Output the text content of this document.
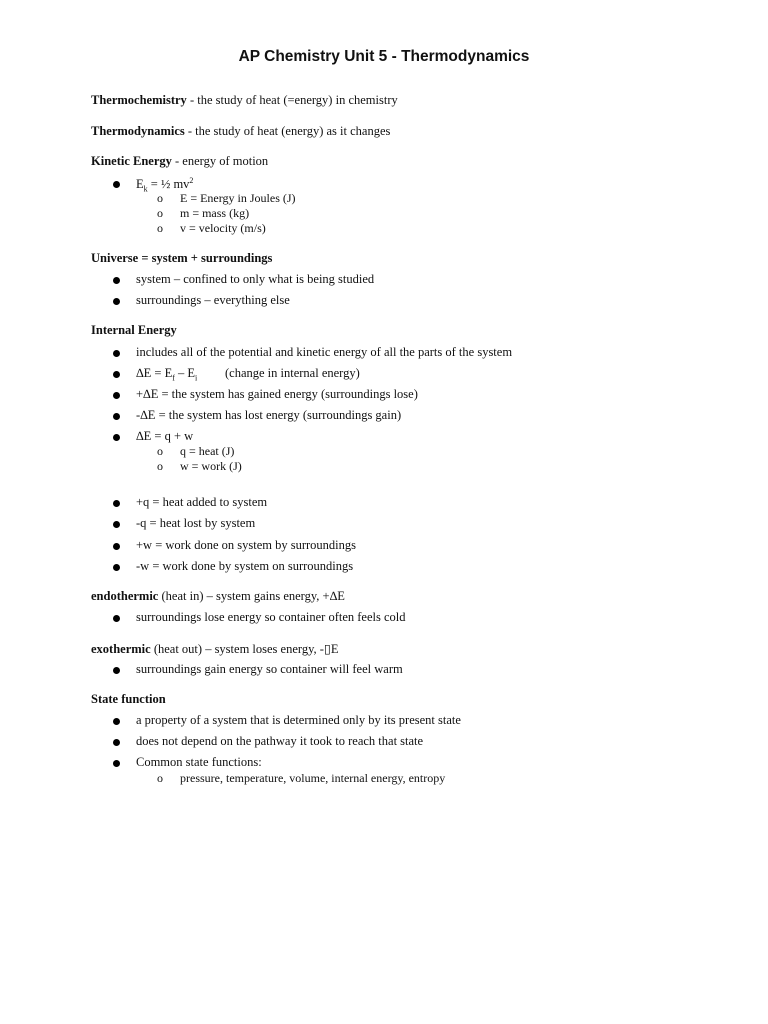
AP Chemistry Unit 5 - Thermodynamics
Thermochemistry - the study of heat (=energy) in chemistry
Thermodynamics - the study of heat (energy) as it changes
Kinetic Energy - energy of motion
$E_k$ = ½ $mv^2$
o E = Energy in Joules (J)
o m = mass (kg)
o v = velocity (m/s)
Universe = system + surroundings
system – confined to only what is being studied
surroundings – everything else
Internal Energy
includes all of the potential and kinetic energy of all the parts of the system
$\Delta E = E_f - E_i$ (change in internal energy)
+∆E = the system has gained energy (surroundings lose)
-∆E = the system has lost energy (surroundings gain)
∆E = q + w
o q = heat (J)
o w = work (J)
+q = heat added to system
-q = heat lost by system
+w = work done on system by surroundings
-w = work done by system on surroundings
endothermic (heat in) – system gains energy, +∆E
surroundings lose energy so container often feels cold
exothermic (heat out) – system loses energy, -▯E
surroundings gain energy so container will feel warm
State function
a property of a system that is determined only by its present state
does not depend on the pathway it took to reach that state
Common state functions:
o pressure, temperature, volume, internal energy, entropy
